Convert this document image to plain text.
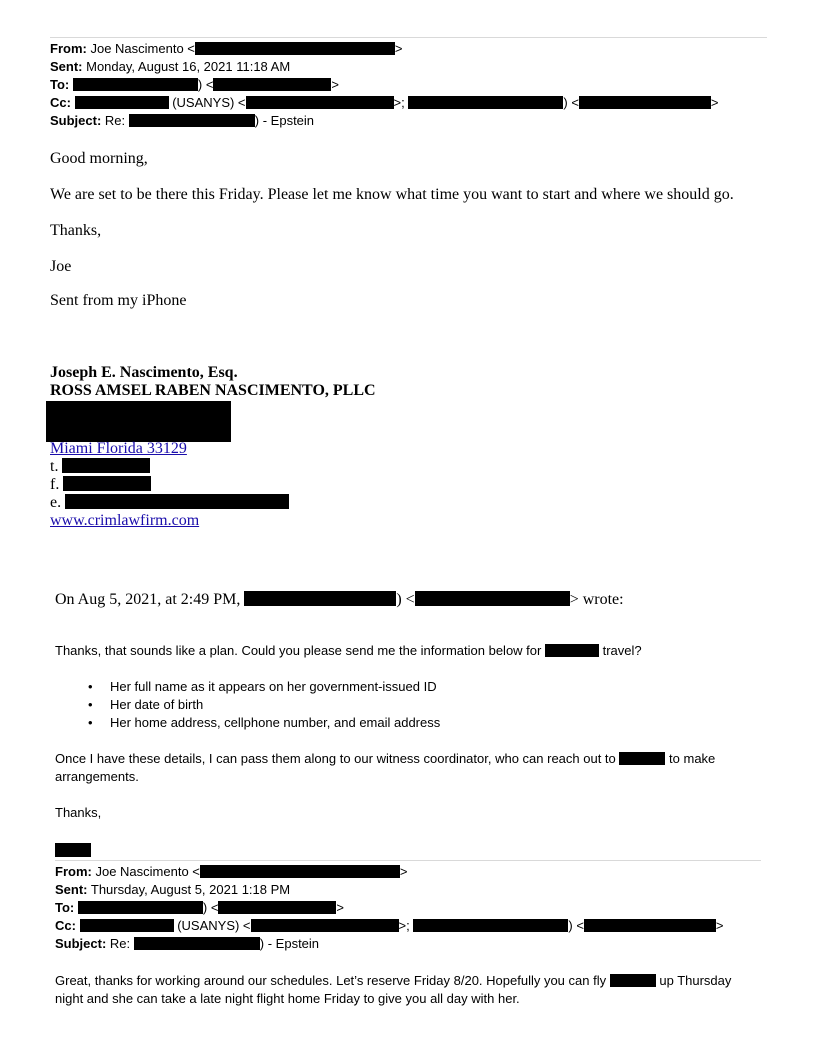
From: Joe Nascimento <	>
Sent: Monday, August 16, 2021 11:18 AM
To:	) <	>
Cc:	(USANYS) <	>;	) <	>
Subject: Re:	) - Epstein
Good morning,
We are set to be there this Friday. Please let me know what time you want to start and where we should go.
Thanks,
Joe
Sent from my iPhone
Joseph E. Nascimento, Esq.
ROSS AMSEL RABEN NASCIMENTO, PLLC
Miami Florida 33129
t.
f.
e.
www.crimlawfirm.com
On Aug 5, 2021, at 2:49 PM,	) <	> wrote:
Thanks, that sounds like a plan. Could you please send me the information below for	travel?
• Her full name as it appears on her government-issued ID
• Her date of birth
• Her home address, cellphone number, and email address
Once I have these details, I can pass them along to our witness coordinator, who can reach out to	to make
arrangements.
Thanks,
From: Joe Nascimento <	>
Sent: Thursday, August 5, 2021 1:18 PM
To:	) <	>
Cc:	(USANYS) <	>;	) <	>
Subject: Re:	) - Epstein
Great, thanks for working around our schedules. Let’s reserve Friday 8/20. Hopefully you can fly	up Thursday
night and she can take a late night flight home Friday to give you all day with her.
